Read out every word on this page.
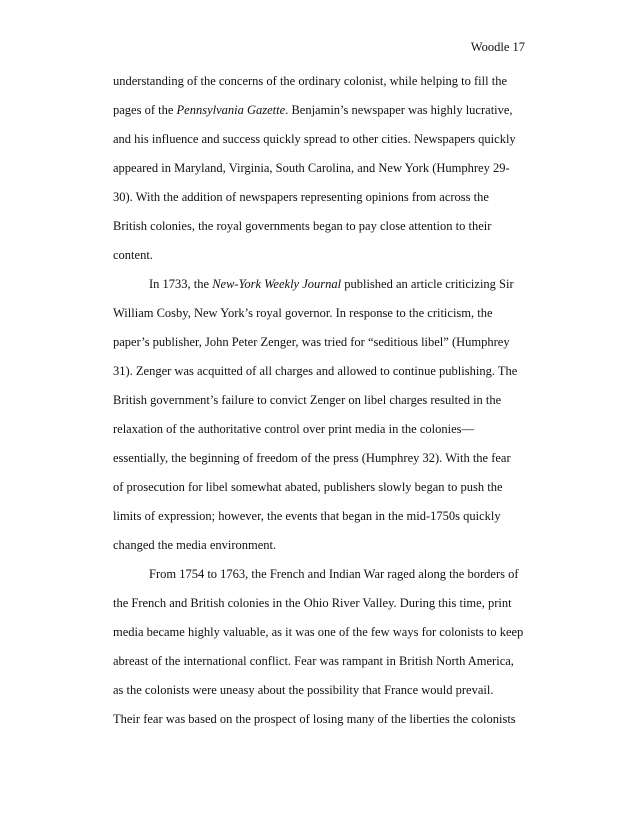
Woodle 17
understanding of the concerns of the ordinary colonist, while helping to fill the
pages of the Pennsylvania Gazette. Benjamin’s newspaper was highly lucrative,
and his influence and success quickly spread to other cities. Newspapers quickly
appeared in Maryland, Virginia, South Carolina, and New York (Humphrey 29-
30). With the addition of newspapers representing opinions from across the
British colonies, the royal governments began to pay close attention to their
content.
In 1733, the New-York Weekly Journal published an article criticizing Sir
William Cosby, New York’s royal governor. In response to the criticism, the
paper’s publisher, John Peter Zenger, was tried for “seditious libel” (Humphrey
31). Zenger was acquitted of all charges and allowed to continue publishing. The
British government’s failure to convict Zenger on libel charges resulted in the
relaxation of the authoritative control over print media in the colonies—
essentially, the beginning of freedom of the press (Humphrey 32). With the fear
of prosecution for libel somewhat abated, publishers slowly began to push the
limits of expression; however, the events that began in the mid-1750s quickly
changed the media environment.
From 1754 to 1763, the French and Indian War raged along the borders of
the French and British colonies in the Ohio River Valley. During this time, print
media became highly valuable, as it was one of the few ways for colonists to keep
abreast of the international conflict. Fear was rampant in British North America,
as the colonists were uneasy about the possibility that France would prevail.
Their fear was based on the prospect of losing many of the liberties the colonists
